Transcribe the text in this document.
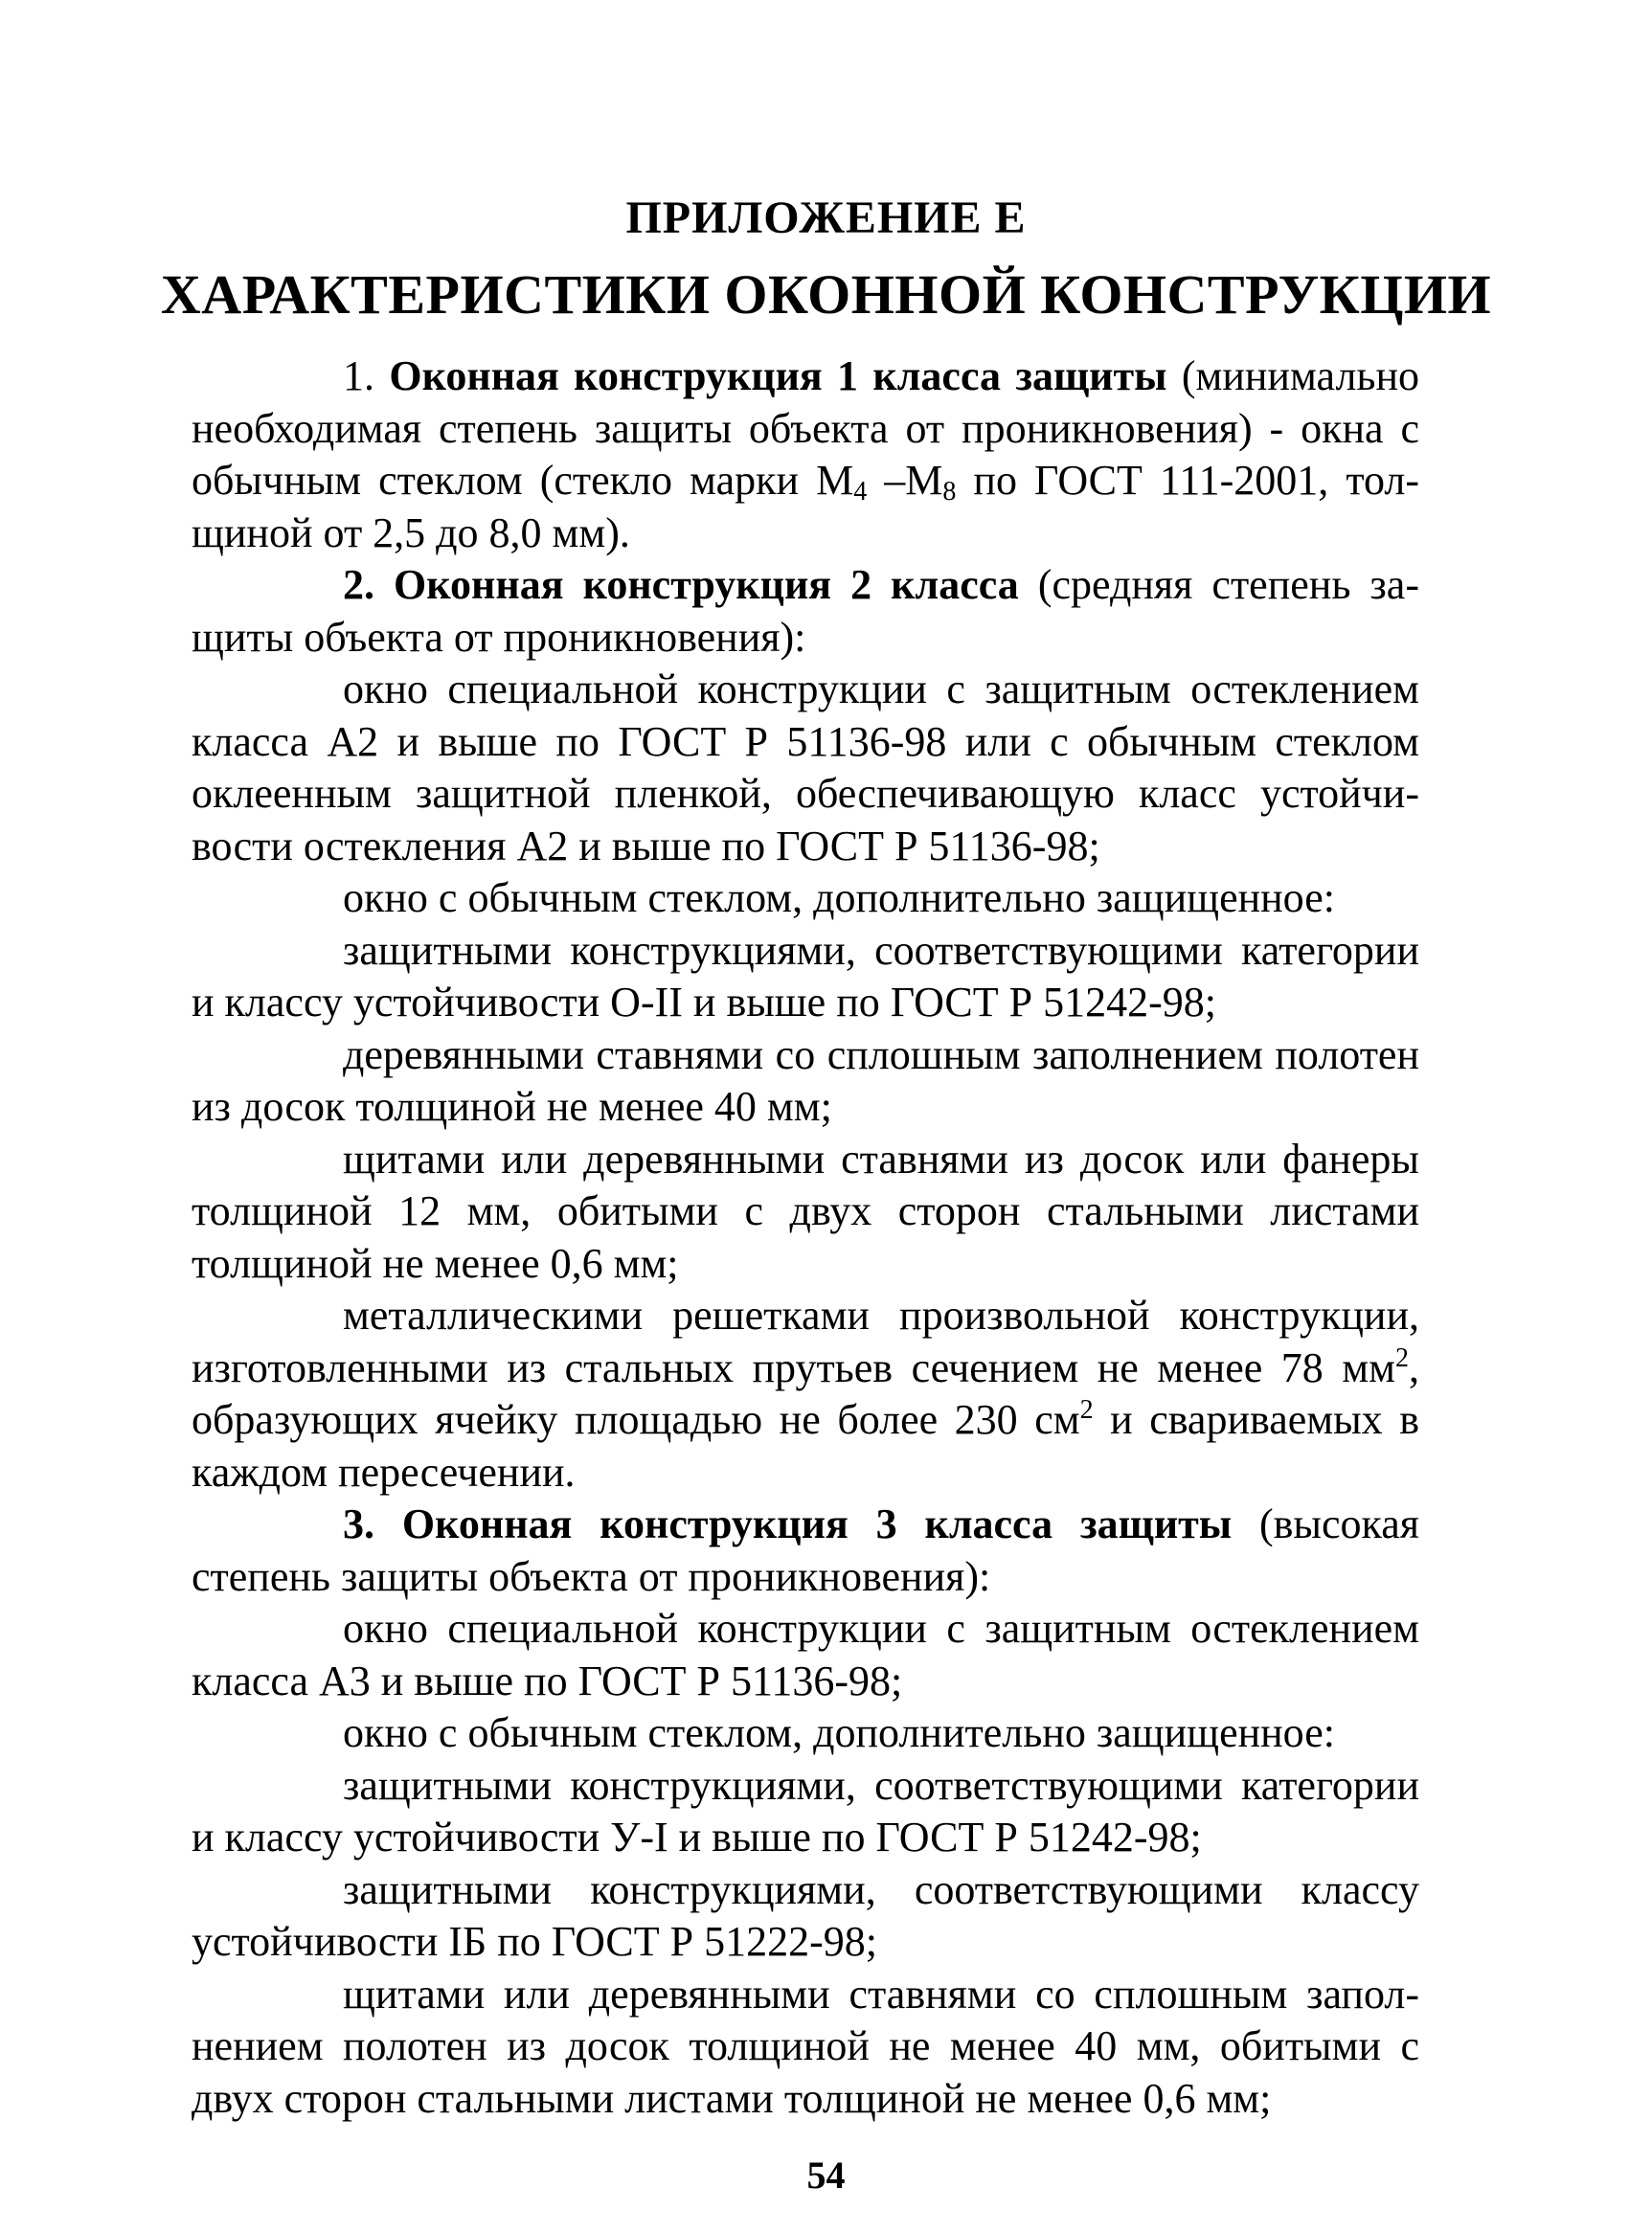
ПРИЛОЖЕНИЕ Е
ХАРАКТЕРИСТИКИ ОКОННОЙ КОНСТРУКЦИИ

1. Оконная конструкция 1 класса защиты (минимально необходимая степень защиты объекта от проникновения) - окна с обычным стеклом (стекло марки $М_4$ $-М_8$ по ГОСТ 111-2001, толщиной от 2,5 до 8,0 мм).

2. Оконная конструкция 2 класса (средняя степень защиты объекта от проникновения):

окно специальной конструкции с защитным остеклением класса А2 и выше по ГОСТ Р 51136-98 или с обычным стеклом оклеенным защитной пленкой, обеспечивающую класс устойчивости остекления А2 и выше по ГОСТ Р 51136-98;

окно с обычным стеклом, дополнительно защищенное:

защитными конструкциями, соответствующими категории и классу устойчивости О-II и выше по ГОСТ Р 51242-98;

деревянными ставнями со сплошным заполнением полотен из досок толщиной не менее 40 мм;

щитами или деревянными ставнями из досок или фанеры толщиной 12 мм, обитыми с двух сторон стальными листами толщиной не менее 0,6 мм;

металлическими решетками произвольной конструкции, изготовленными из стальных прутьев сечением не менее 78 $мм^2$, образующих ячейку площадью не более 230 $см^2$ и свариваемых в каждом пересечении.

3. Оконная конструкция 3 класса защиты (высокая степень защиты объекта от проникновения):

окно специальной конструкции с защитным остеклением класса А3 и выше по ГОСТ Р 51136-98;

окно с обычным стеклом, дополнительно защищенное:

защитными конструкциями, соответствующими категории и классу устойчивости У-I и выше по ГОСТ Р 51242-98;

защитными конструкциями, соответствующими классу устойчивости IБ по ГОСТ Р 51222-98;

щитами или деревянными ставнями со сплошным заполнением полотен из досок толщиной не менее 40 мм, обитыми с двух сторон стальными листами толщиной не менее 0,6 мм;

54
